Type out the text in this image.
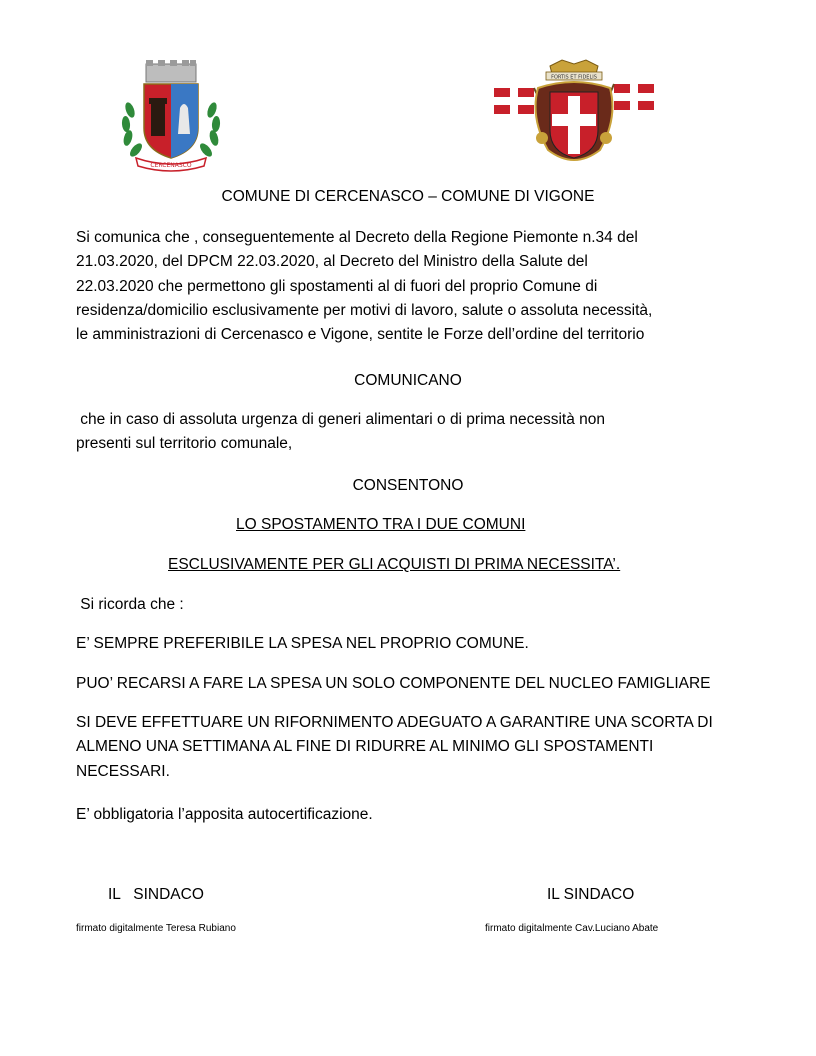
CERCENASCO
FORTIS ET FIDELIS
COMUNE DI CERCENASCO – COMUNE DI VIGONE
Si comunica che , conseguentemente al Decreto della Regione Piemonte n.34 del
21.03.2020, del DPCM 22.03.2020, al Decreto del Ministro della Salute del
22.03.2020 che permettono gli spostamenti al di fuori del proprio Comune di
residenza/domicilio esclusivamente per motivi di lavoro, salute o assoluta necessità,
le amministrazioni di Cercenasco e Vigone, sentite le Forze dell’ordine del territorio
COMUNICANO
che in caso di assoluta urgenza di generi alimentari o di prima necessità non
presenti sul territorio comunale,
CONSENTONO
LO SPOSTAMENTO TRA I DUE COMUNI
ESCLUSIVAMENTE PER GLI ACQUISTI DI PRIMA NECESSITA’.
Si ricorda che :
E’ SEMPRE PREFERIBILE LA SPESA NEL PROPRIO COMUNE.
PUO’ RECARSI A FARE LA SPESA UN SOLO COMPONENTE DEL NUCLEO FAMIGLIARE
SI DEVE EFFETTUARE UN RIFORNIMENTO ADEGUATO A GARANTIRE UNA SCORTA DI
ALMENO UNA SETTIMANA AL FINE DI RIDURRE AL MINIMO GLI SPOSTAMENTI
NECESSARI.
E’ obbligatoria l’apposita autocertificazione.
IL   SINDACO	IL SINDACO
firmato digitalmente Teresa Rubiano	firmato digitalmente Cav.Luciano Abate
